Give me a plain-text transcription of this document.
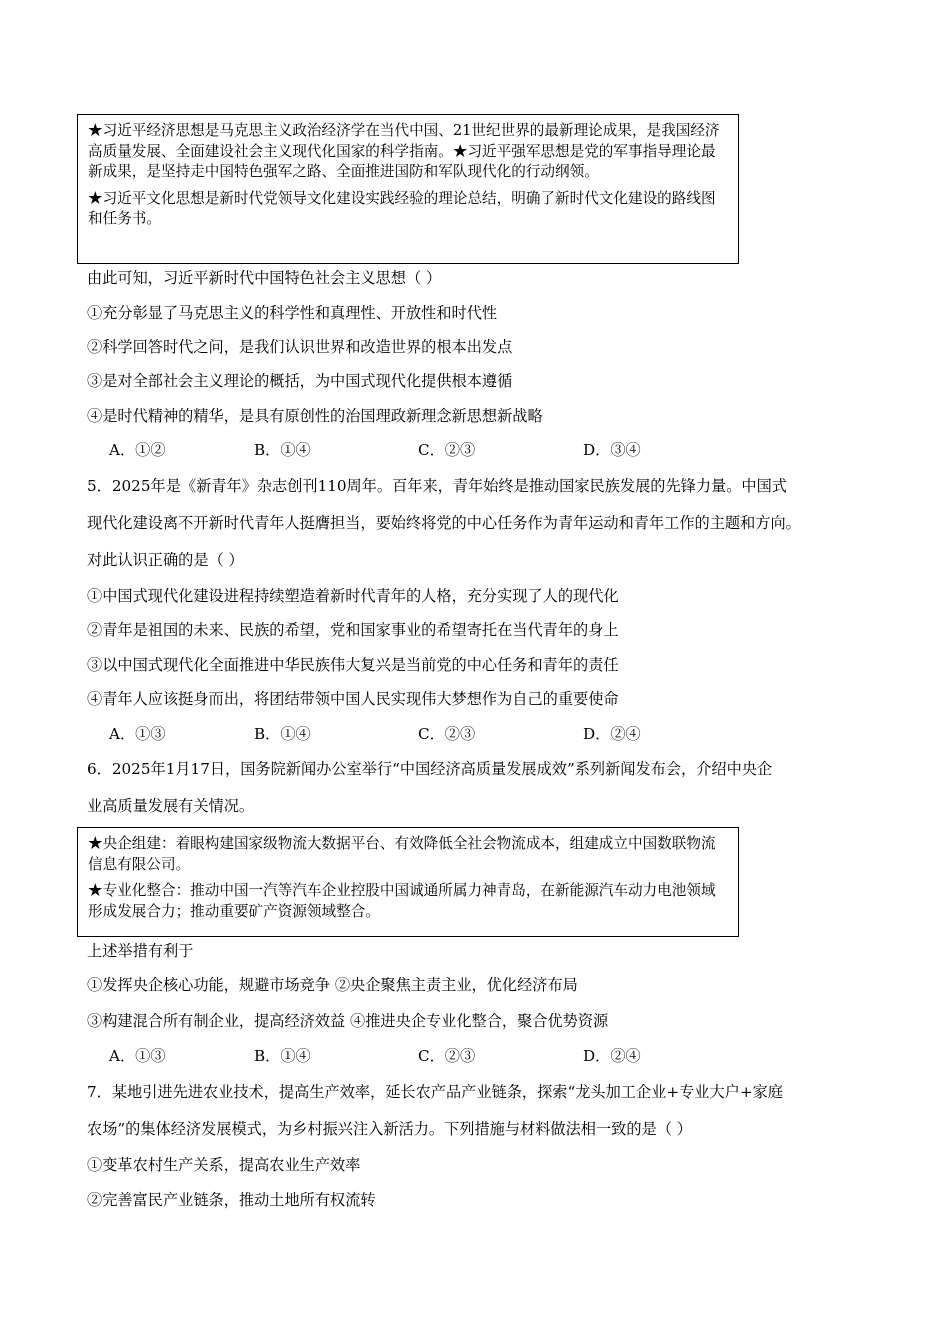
★习近平经济思想是马克思主义政治经济学在当代中国、21世纪世界的最新理论成果，是我国经济高质量发展、全面建设社会主义现代化国家的科学指南。★习近平强军思想是党的军事指导理论最新成果，是坚持走中国特色强军之路、全面推进国防和军队现代化的行动纲领。

★习近平文化思想是新时代党领导文化建设实践经验的理论总结，明确了新时代文化建设的路线图和任务书。

由此可知，习近平新时代中国特色社会主义思想（ ）
①充分彰显了马克思主义的科学性和真理性、开放性和时代性
②科学回答时代之问，是我们认识世界和改造世界的根本出发点
③是对全部社会主义理论的概括，为中国式现代化提供根本遵循
④是时代精神的精华，是具有原创性的治国理政新理念新思想新战略
A．①②	B．①④	C．②③	D．③④
5．2025年是《新青年》杂志创刊110周年。百年来，青年始终是推动国家民族发展的先锋力量。中国式
现代化建设离不开新时代青年人挺膺担当，要始终将党的中心任务作为青年运动和青年工作的主题和方向。
对此认识正确的是（ ）
①中国式现代化建设进程持续塑造着新时代青年的人格，充分实现了人的现代化
②青年是祖国的未来、民族的希望，党和国家事业的希望寄托在当代青年的身上
③以中国式现代化全面推进中华民族伟大复兴是当前党的中心任务和青年的责任
④青年人应该挺身而出，将团结带领中国人民实现伟大梦想作为自己的重要使命
A．①③	B．①④	C．②③	D．②④
6．2025年1月17日，国务院新闻办公室举行“中国经济高质量发展成效”系列新闻发布会，介绍中央企
业高质量发展有关情况。

★央企组建：着眼构建国家级物流大数据平台、有效降低全社会物流成本，组建成立中国数联物流信息有限公司。

★专业化整合：推动中国一汽等汽车企业控股中国诚通所属力神青岛，在新能源汽车动力电池领域形成发展合力；推动重要矿产资源领域整合。

上述举措有利于
①发挥央企核心功能，规避市场竞争 ②央企聚焦主责主业，优化经济布局
③构建混合所有制企业，提高经济效益 ④推进央企专业化整合，聚合优势资源
A．①③	B．①④	C．②③	D．②④
7．某地引进先进农业技术，提高生产效率，延长农产品产业链条，探索“龙头加工企业+专业大户+家庭
农场”的集体经济发展模式，为乡村振兴注入新活力。下列措施与材料做法相一致的是（ ）
①变革农村生产关系，提高农业生产效率
②完善富民产业链条，推动土地所有权流转
